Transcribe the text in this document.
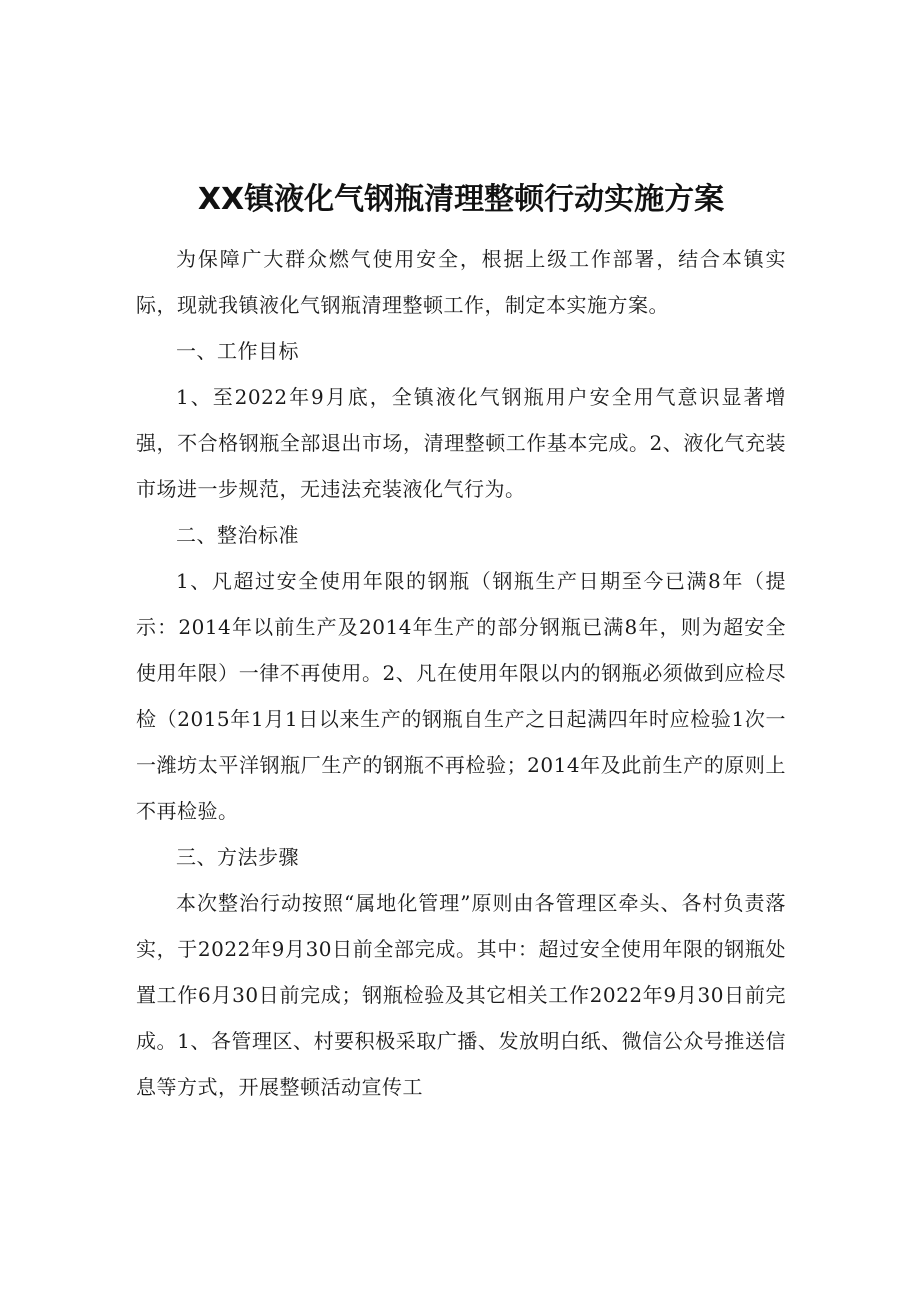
XX镇液化气钢瓶清理整顿行动实施方案

为保障广大群众燃气使用安全，根据上级工作部署，结合本镇实际，现就我镇液化气钢瓶清理整顿工作，制定本实施方案。

一、工作目标

1、至2022年9月底，全镇液化气钢瓶用户安全用气意识显著增强，不合格钢瓶全部退出市场，清理整顿工作基本完成。2、液化气充装市场进一步规范，无违法充装液化气行为。

二、整治标准

1、凡超过安全使用年限的钢瓶（钢瓶生产日期至今已满8年（提示：2014年以前生产及2014年生产的部分钢瓶已满8年，则为超安全使用年限）一律不再使用。2、凡在使用年限以内的钢瓶必须做到应检尽检（2015年1月1日以来生产的钢瓶自生产之日起满四年时应检验1次一一潍坊太平洋钢瓶厂生产的钢瓶不再检验；2014年及此前生产的原则上不再检验。

三、方法步骤

本次整治行动按照“属地化管理”原则由各管理区牵头、各村负责落实，于2022年9月30日前全部完成。其中：超过安全使用年限的钢瓶处置工作6月30日前完成；钢瓶检验及其它相关工作2022年9月30日前完成。1、各管理区、村要积极采取广播、发放明白纸、微信公众号推送信息等方式，开展整顿活动宣传工
